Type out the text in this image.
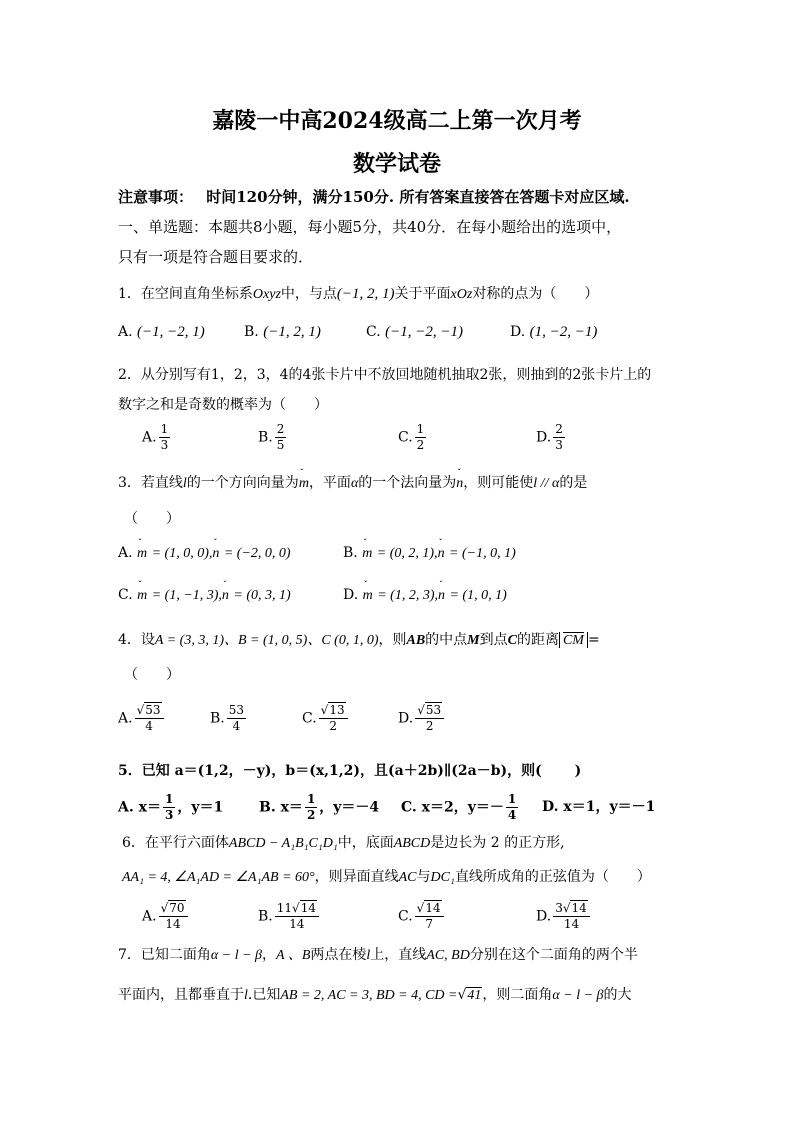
嘉陵一中高2024级高二上第一次月考
数学试卷
注意事项： 时间120分钟，满分150分. 所有答案直接答在答题卡对应区域.
一、单选题：本题共8小题，每小题5分，共40分．在每小题给出的选项中，
只有一项是符合题目要求的．
1．在空间直角坐标系Oxyz中，与点(−1, 2, 1)关于平面xOz对称的点为（　　）
A. (−1, −2, 1)	B. (−1, 2, 1)	C. (−1, −2, −1)	D. (1, −2, −1)
2．从分别写有1，2，3，4的4张卡片中不放回地随机抽取2张，则抽到的2张卡片上的
数字之和是奇数的概率为（　　）
A. $\frac{1}{3}$	B. $\frac{2}{5}$	C. $\frac{1}{2}$	D. $\frac{2}{3}$
3．若直线l的一个方向向量为ˇ m，平面α的一个法向量为ˇ n，则可能使l // α的是
（　　）
A. ˇ m = (1, 0, 0),ˇ n = (−2, 0, 0)	B. ˇ m = (0, 2, 1),ˇ n = (−1, 0, 1)
C. ˇ m = (1, −1, 3),ˇ n = (0, 3, 1)	D. ˇ m = (1, 2, 3),ˇ n = (1, 0, 1)
4．设A = (3, 3, 1)、B = (1, 0, 5)、C (0, 1, 0)，则AB的中点M到点C的距离 CM =
（　　）
A. √ $\frac{53}{4}$	B. $\frac{53}{4}$	C. √ $\frac{13}{2}$	D. √ $\frac{53}{2}$
5．已知 a＝(1,2，－y)，b＝(x,1,2)，且(a＋2b)∥(2a－b)，则(　　 )
A. $x= \frac{1}{3}$ ，y＝1	B. $x= \frac{1}{2}$ ，y＝－4 C. x＝2，$y=- \frac{1}{4} D$. x＝1，y＝－1
6．在平行六面体ABCD − A₁B₁C₁D₁中，底面ABCD是边长为 2 的正方形,
AA₁ = 4, ∠A₁AD = ∠A₁AB = 60°，则异面直线AC与DC₁直线所成角的正弦值为（　　）
A. √ $\frac{70}{14}$	B. $\frac{11 √ 14}{14}$	C. √ $\frac{14}{7}$	D. $\frac{3 √ 14}{14}$
7．已知二面角α − l − β，A 、B两点在棱l上，直线AC, BD分别在这个二面角的两个半
平面内，且都垂直于l.已知AB = 2, AC = 3, BD = 4, CD = √ 41，则二面角α − l − β的大
